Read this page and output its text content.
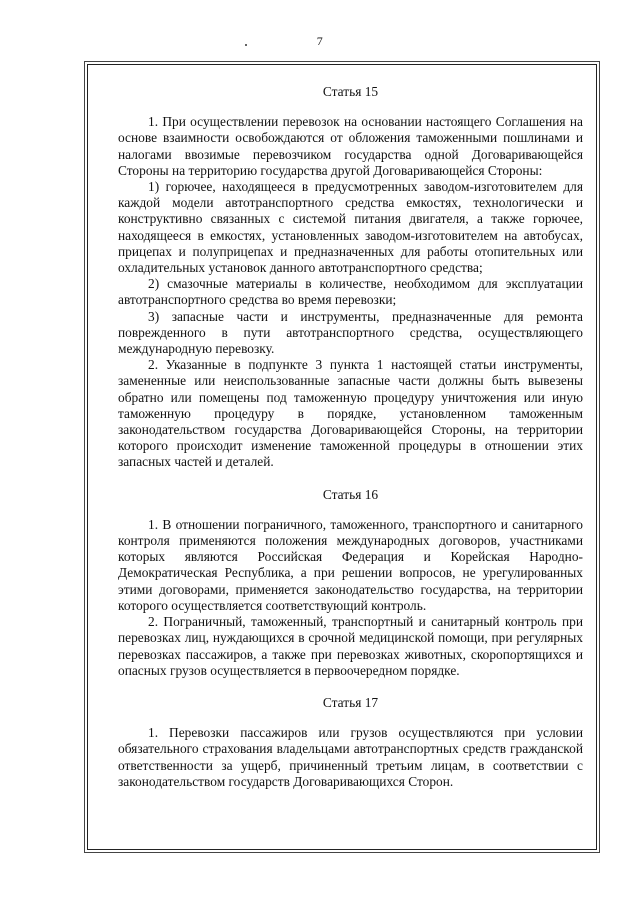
7
Статья 15

1. При осуществлении перевозок на основании настоящего Соглашения на основе взаимности освобождаются от обложения таможенными пошлинами и налогами ввозимые перевозчиком государства одной Договаривающейся Стороны на территорию государства другой Договаривающейся Стороны:

1) горючее, находящееся в предусмотренных заводом-изготовителем для каждой модели автотранспортного средства емкостях, технологически и конструктивно связанных с системой питания двигателя, а также горючее, находящееся в емкостях, установленных заводом-изготовителем на автобусах, прицепах и полуприцепах и предназначенных для работы отопительных или охладительных установок данного автотранспортного средства;

2) смазочные материалы в количестве, необходимом для эксплуатации автотранспортного средства во время перевозки;

3) запасные части и инструменты, предназначенные для ремонта поврежденного в пути автотранспортного средства, осуществляющего международную перевозку.

2. Указанные в подпункте 3 пункта 1 настоящей статьи инструменты, замененные или неиспользованные запасные части должны быть вывезены обратно или помещены под таможенную процедуру уничтожения или иную таможенную процедуру в порядке, установленном таможенным законодательством государства Договаривающейся Стороны, на территории которого происходит изменение таможенной процедуры в отношении этих запасных частей и деталей.

Статья 16

1. В отношении пограничного, таможенного, транспортного и санитарного контроля применяются положения международных договоров, участниками которых являются Российская Федерация и Корейская Народно-Демократическая Республика, а при решении вопросов, не урегулированных этими договорами, применяется законодательство государства, на территории которого осуществляется соответствующий контроль.

2. Пограничный, таможенный, транспортный и санитарный контроль при перевозках лиц, нуждающихся в срочной медицинской помощи, при регулярных перевозках пассажиров, а также при перевозках животных, скоропортящихся и опасных грузов осуществляется в первоочередном порядке.

Статья 17

1. Перевозки пассажиров или грузов осуществляются при условии обязательного страхования владельцами автотранспортных средств гражданской ответственности за ущерб, причиненный третьим лицам, в соответствии с законодательством государств Договаривающихся Сторон.
